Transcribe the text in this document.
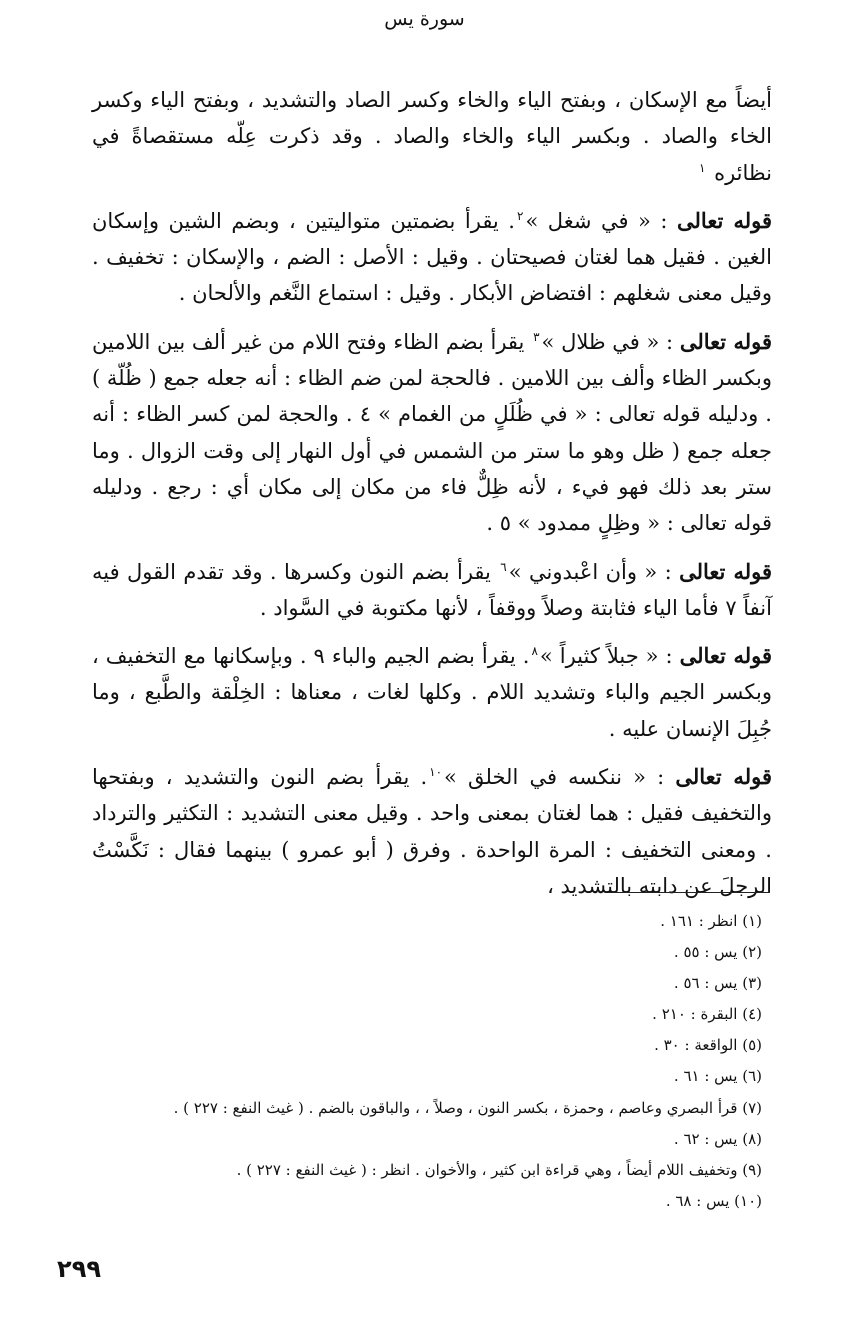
سورة يس

أيضاً مع الإسكان ، وبفتح الياء والخاء وكسر الصاد والتشديد ، وبفتح الياء وكسر الخاء والصاد . وبكسر الياء والخاء والصاد . وقد ذكرت عِلّه مستقصاةً في نظائره $^١$

قوله تعالى : « في شغل »$^٢$. يقرأ بضمتين متواليتين ، وبضم الشين وإسكان الغين . فقيل هما لغتان فصيحتان . وقيل : الأصل : الضم ، والإسكان : تخفيف . وقيل معنى شغلهم : افتضاض الأبكار . وقيل : استماع النَّغم والألحان .

قوله تعالى : « في ظلال »$^٣$ يقرأ بضم الظاء وفتح اللام من غير ألف بين اللامين وبكسر الظاء وألف بين اللامين . فالحجة لمن ضم الظاء : أنه جعله جمع ( ظُلّة ) . ودليله قوله تعالى : « في ظُلَلٍ من الغمام » ٤ . والحجة لمن كسر الظاء : أنه جعله جمع ( ظل وهو ما ستر من الشمس في أول النهار إلى وقت الزوال . وما ستر بعد ذلك فهو فيء ، لأنه ظِلٌّ فاء من مكان إلى مكان أي : رجع . ودليله قوله تعالى : « وظِلٍ ممدود » ٥ .

قوله تعالى : « وأن اعْبدوني »$^٦$ يقرأ بضم النون وكسرها . وقد تقدم القول فيه آنفاً ٧ فأما الياء فثابتة وصلاً ووقفاً ، لأنها مكتوبة في السَّواد .

قوله تعالى : « جبلاً كثيراً »$^٨$. يقرأ بضم الجيم والباء ٩ . وبإسكانها مع التخفيف ، وبكسر الجيم والباء وتشديد اللام . وكلها لغات ، معناها : الخِلْقة والطَّبع ، وما جُبِلَ الإنسان عليه .

قوله تعالى : « ننكسه في الخلق »$^{١٠}$. يقرأ بضم النون والتشديد ، وبفتحها والتخفيف فقيل : هما لغتان بمعنى واحد . وقيل معنى التشديد : التكثير والترداد . ومعنى التخفيف : المرة الواحدة . وفرق ( أبو عمرو ) بينهما فقال : نَكَّسْتُ الرجلَ عن دابته بالتشديد ،

(١) انظر : ١٦١ .
(٢) يس : ٥٥ .
(٣) يس : ٥٦ .
(٤) البقرة : ٢١٠ .
(٥) الواقعة : ٣٠ .
(٦) يس : ٦١ .
(٧) قرأ البصري وعاصم ، وحمزة ، بكسر النون ، وصلاً ، ، والباقون بالضم . ( غيث النفع : ٢٢٧ ) .
(٨) يس : ٦٢ .
(٩) وتخفيف اللام أيضاً ، وهي قراءة ابن كثير ، والأخوان . انظر : ( غيث النفع : ٢٢٧ ) .
(١٠) يس : ٦٨ .
٢٩٩
